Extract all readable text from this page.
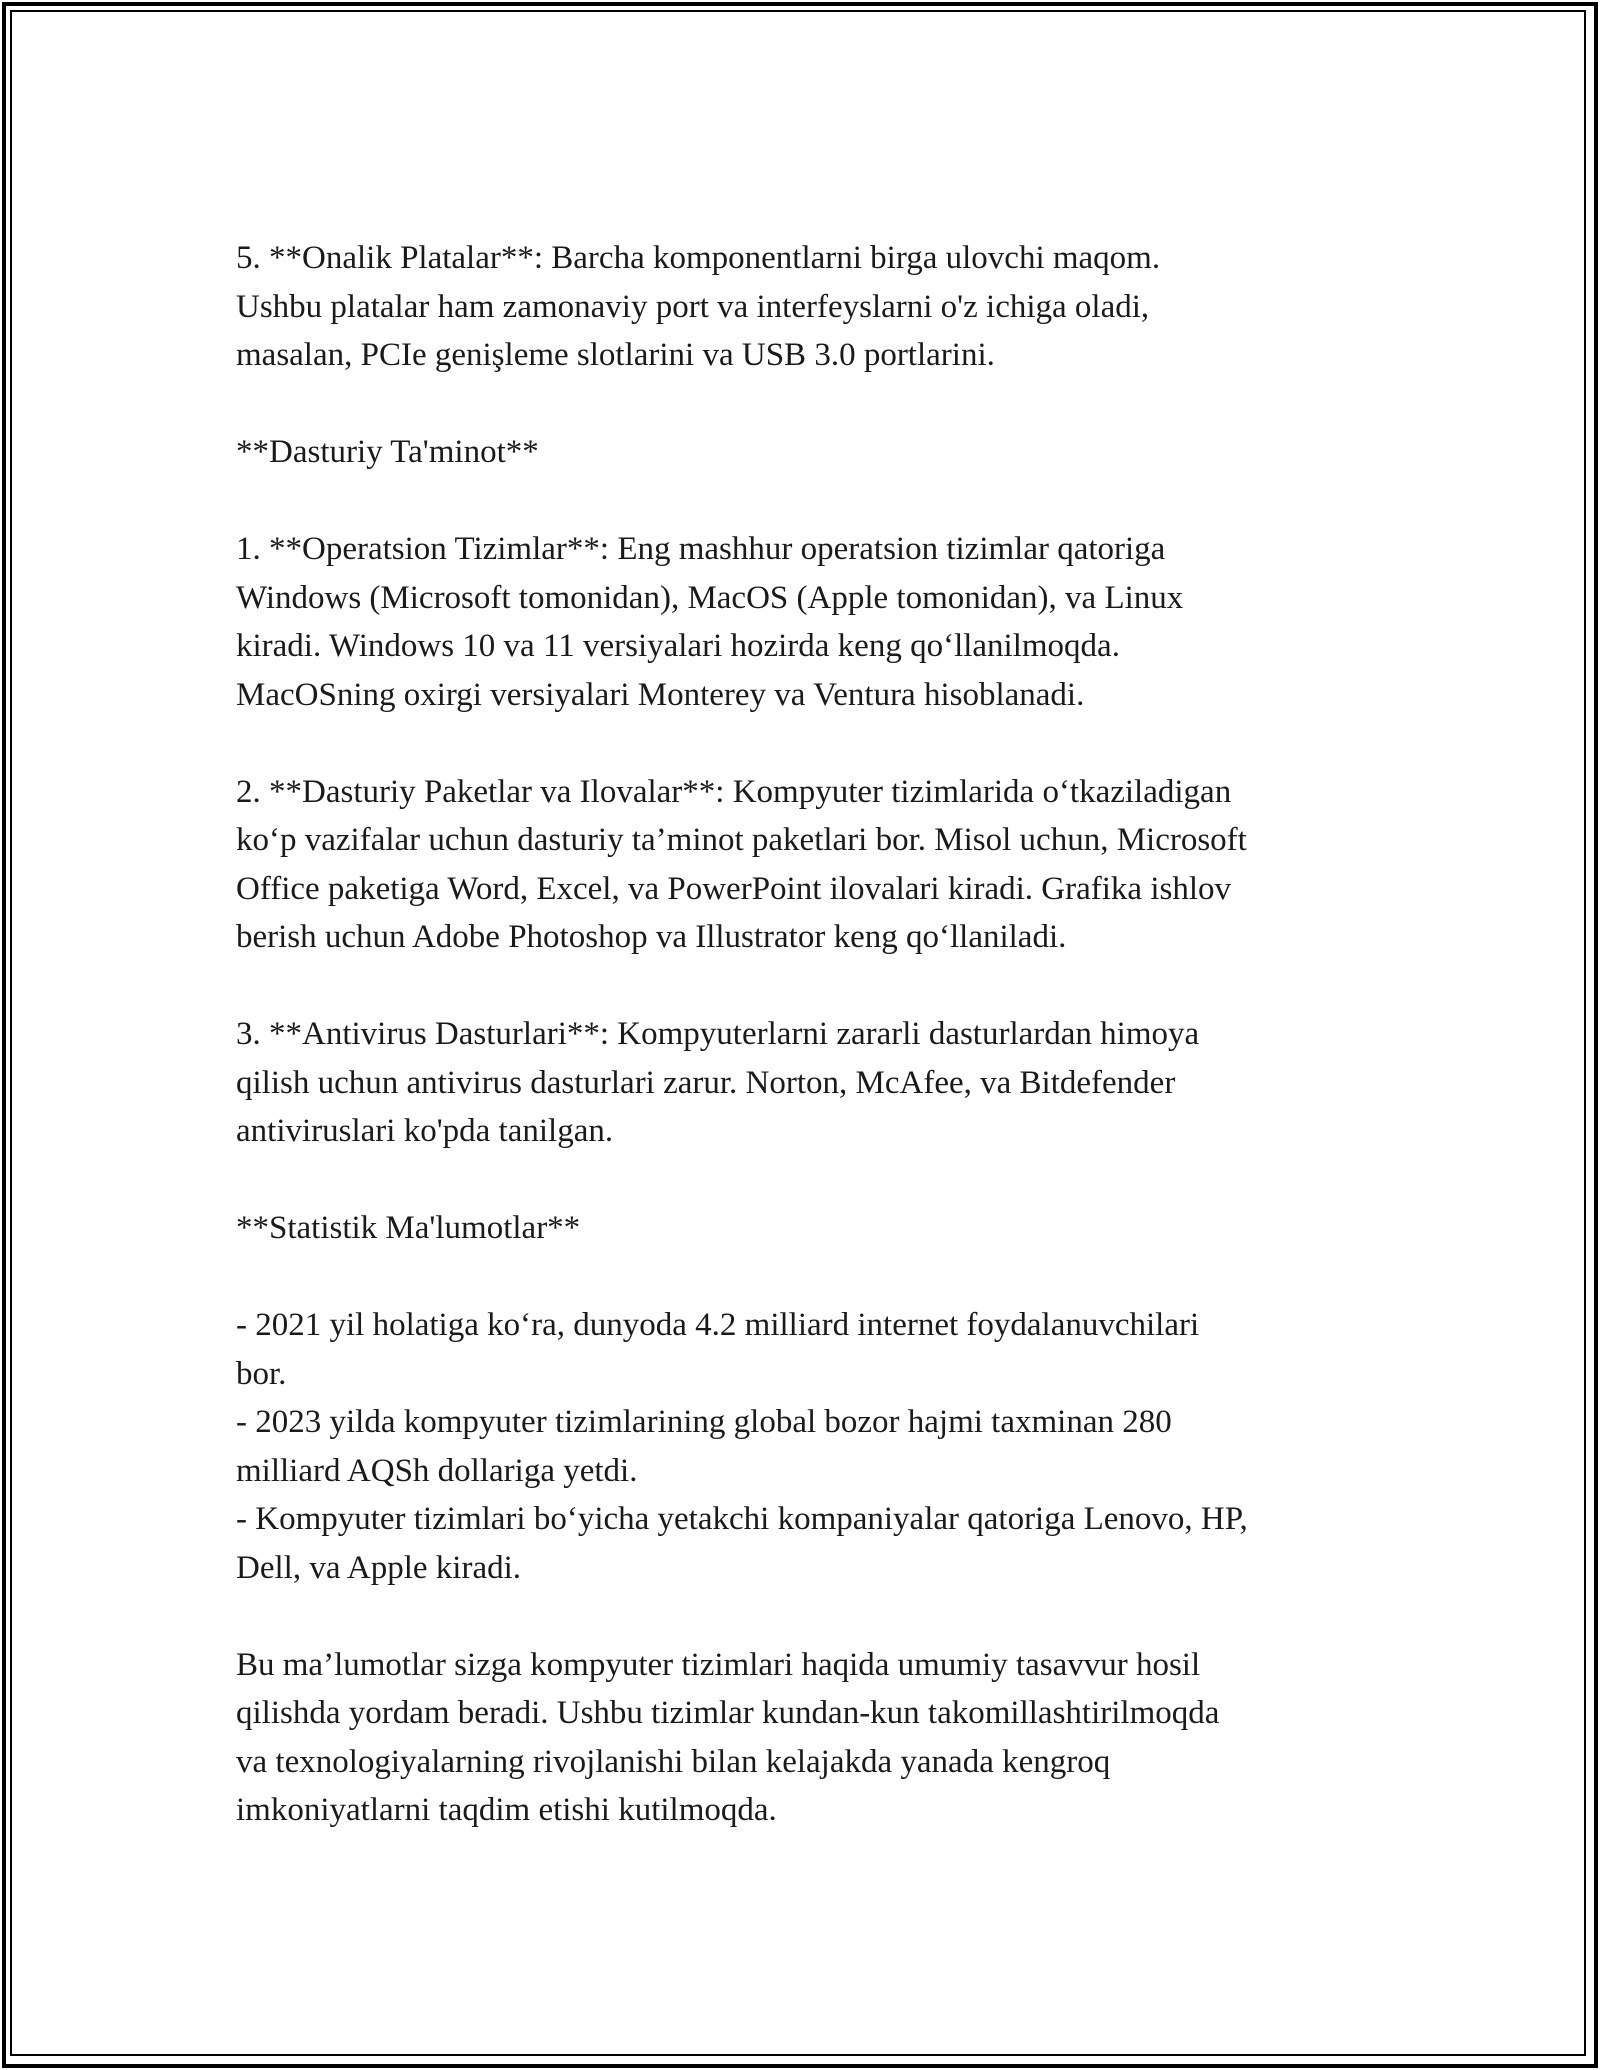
5. **Onalik Platalar**: Barcha komponentlarni birga ulovchi maqom.
Ushbu platalar ham zamonaviy port va interfeyslarni o'z ichiga oladi,
masalan, PCIe genişleme slotlarini va USB 3.0 portlarini.

**Dasturiy Ta'minot**

1. **Operatsion Tizimlar**: Eng mashhur operatsion tizimlar qatoriga
Windows (Microsoft tomonidan), MacOS (Apple tomonidan), va Linux
kiradi. Windows 10 va 11 versiyalari hozirda keng qo‘llanilmoqda.
MacOSning oxirgi versiyalari Monterey va Ventura hisoblanadi.

2. **Dasturiy Paketlar va Ilovalar**: Kompyuter tizimlarida o‘tkaziladigan
ko‘p vazifalar uchun dasturiy ta’minot paketlari bor. Misol uchun, Microsoft
Office paketiga Word, Excel, va PowerPoint ilovalari kiradi. Grafika ishlov
berish uchun Adobe Photoshop va Illustrator keng qo‘llaniladi.

3. **Antivirus Dasturlari**: Kompyuterlarni zararli dasturlardan himoya
qilish uchun antivirus dasturlari zarur. Norton, McAfee, va Bitdefender
antiviruslari ko'pda tanilgan.

**Statistik Ma'lumotlar**

- 2021 yil holatiga ko‘ra, dunyoda 4.2 milliard internet foydalanuvchilari
bor.
- 2023 yilda kompyuter tizimlarining global bozor hajmi taxminan 280
milliard AQSh dollariga yetdi.
- Kompyuter tizimlari bo‘yicha yetakchi kompaniyalar qatoriga Lenovo, HP,
Dell, va Apple kiradi.

Bu ma’lumotlar sizga kompyuter tizimlari haqida umumiy tasavvur hosil
qilishda yordam beradi. Ushbu tizimlar kundan-kun takomillashtirilmoqda
va texnologiyalarning rivojlanishi bilan kelajakda yanada kengroq
imkoniyatlarni taqdim etishi kutilmoqda.
